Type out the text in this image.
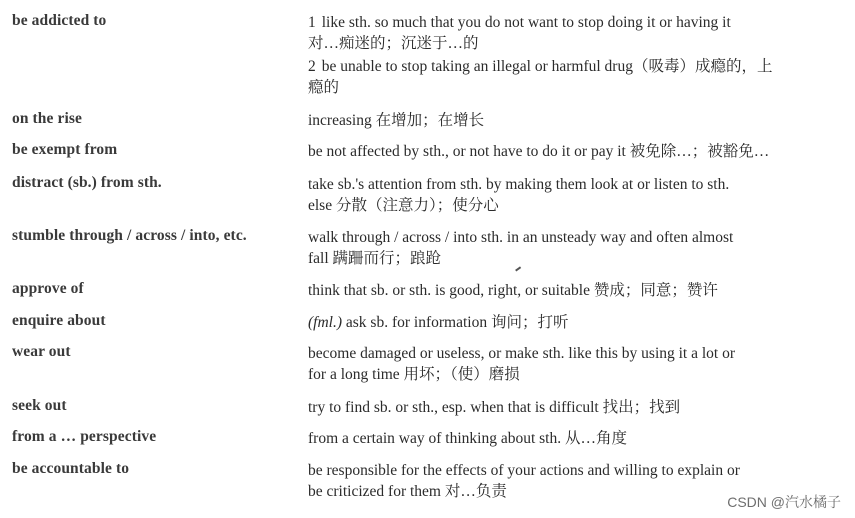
be addicted to	1 like sth. so much that you do not want to stop doing it or having it
对…痴迷的；沉迷于…的
2 be unable to stop taking an illegal or harmful drug（吸毒）成瘾的，上
瘾的
on the rise	increasing 在增加；在增长
be exempt from	be not affected by sth., or not have to do it or pay it 被免除…；被豁免…
distract (sb.) from sth.	take sb.'s attention from sth. by making them look at or listen to sth.
else 分散（注意力）；使分心
stumble through / across / into, etc.	walk through / across / into sth. in an unsteady way and often almost
fall 蹒跚而行；踉跄
approve of	think that sb. or sth. is good, right, or suitable 赞成；同意；赞许
enquire about	(fml.) ask sb. for information 询问；打听
wear out	become damaged or useless, or make sth. like this by using it a lot or
for a long time 用坏；（使）磨损
seek out	try to find sb. or sth., esp. when that is difficult 找出；找到
from a … perspective	from a certain way of thinking about sth. 从…角度
be accountable to	be responsible for the effects of your actions and willing to explain or
be criticized for them 对…负责
CSDN @汽水橘子
